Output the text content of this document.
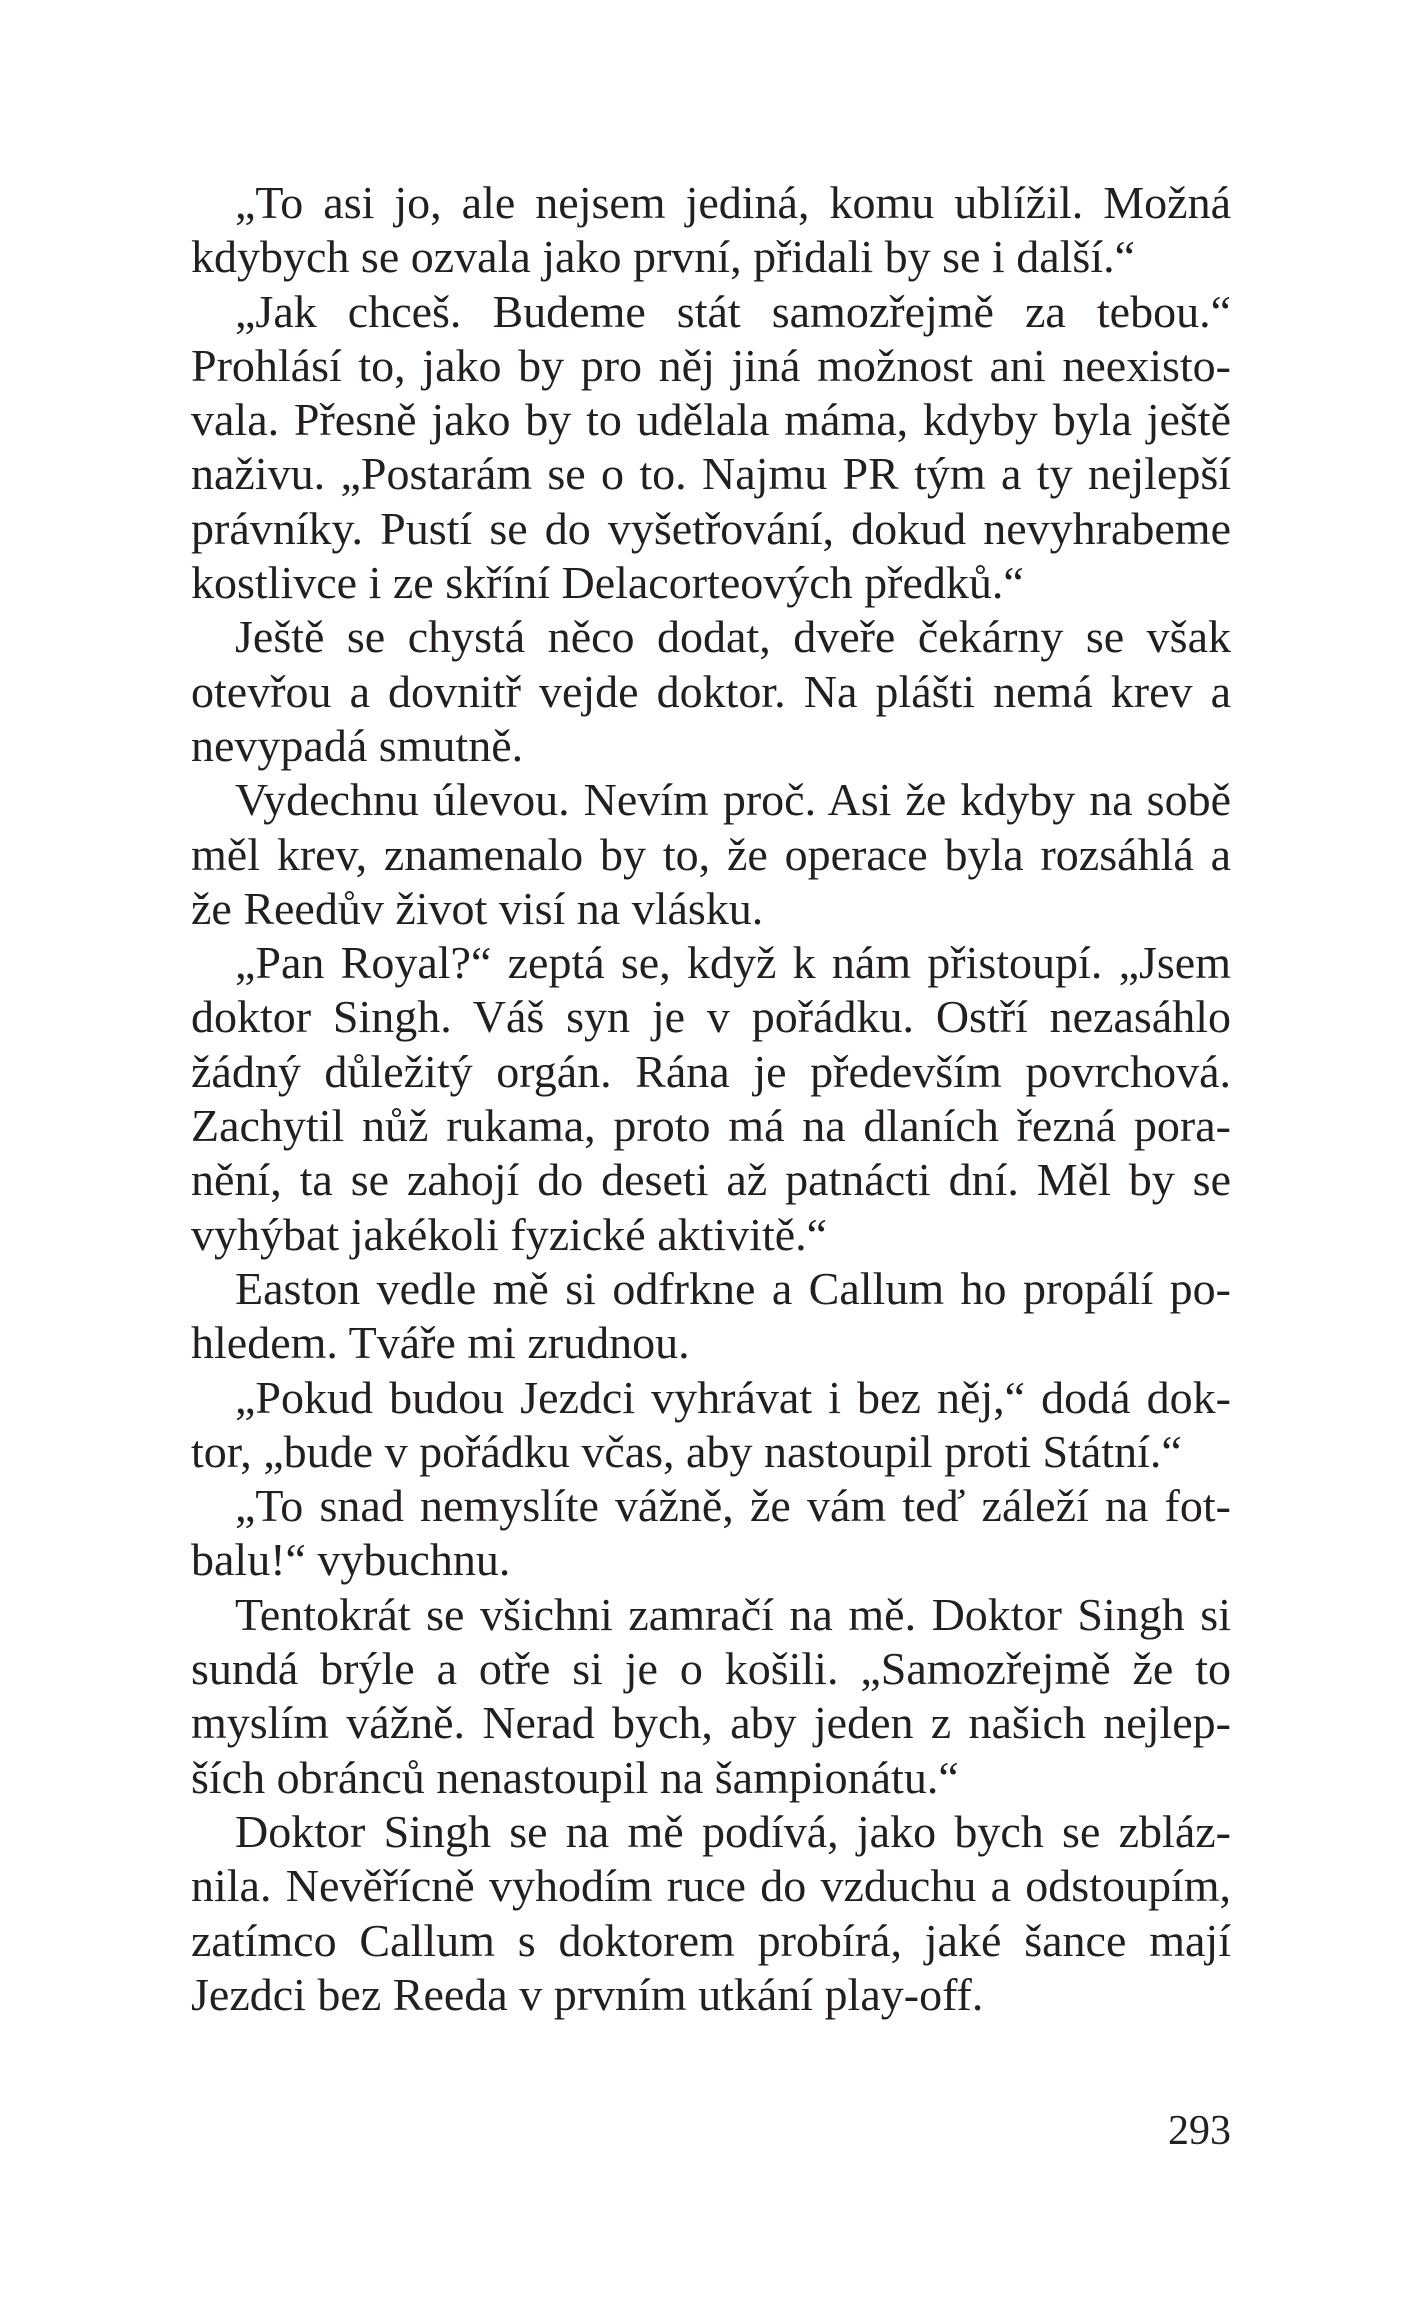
„To asi jo, ale nejsem jediná, komu ublížil. Možná kdybych se ozvala jako první, přidali by se i další.“

„Jak chceš. Budeme stát samozřejmě za tebou.“ Prohlásí to, jako by pro něj jiná možnost ani neexistovala. Přesně jako by to udělala máma, kdyby byla ještě naživu. „Postarám se o to. Najmu PR tým a ty nejlepší právníky. Pustí se do vyšetřování, dokud nevyhrabeme kostlivce i ze skříní Delacorteových předků.“

Ještě se chystá něco dodat, dveře čekárny se však otevřou a dovnitř vejde doktor. Na plášti nemá krev a nevypadá smutně.

Vydechnu úlevou. Nevím proč. Asi že kdyby na sobě měl krev, znamenalo by to, že operace byla rozsáhlá a že Reedův život visí na vlásku.

„Pan Royal?“ zeptá se, když k nám přistoupí. „Jsem doktor Singh. Váš syn je v pořádku. Ostří nezasáhlo žádný důležitý orgán. Rána je především povrchová. Zachytil nůž rukama, proto má na dlaních řezná poranění, ta se zahojí do deseti až patnácti dní. Měl by se vyhýbat jakékoli fyzické aktivitě.“

Easton vedle mě si odfrkne a Callum ho propálí pohledem. Tváře mi zrudnou.

„Pokud budou Jezdci vyhrávat i bez něj,“ dodá doktor, „bude v pořádku včas, aby nastoupil proti Státní.“

„To snad nemyslíte vážně, že vám teď záleží na fotbalu!“ vybuchnu.

Tentokrát se všichni zamračí na mě. Doktor Singh si sundá brýle a otře si je o košili. „Samozřejmě že to myslím vážně. Nerad bych, aby jeden z našich nejlepších obránců nenastoupil na šampionátu.“

Doktor Singh se na mě podívá, jako bych se zbláznila. Nevěřícně vyhodím ruce do vzduchu a odstoupím, zatímco Callum s doktorem probírá, jaké šance mají Jezdci bez Reeda v prvním utkání play-off.

293
